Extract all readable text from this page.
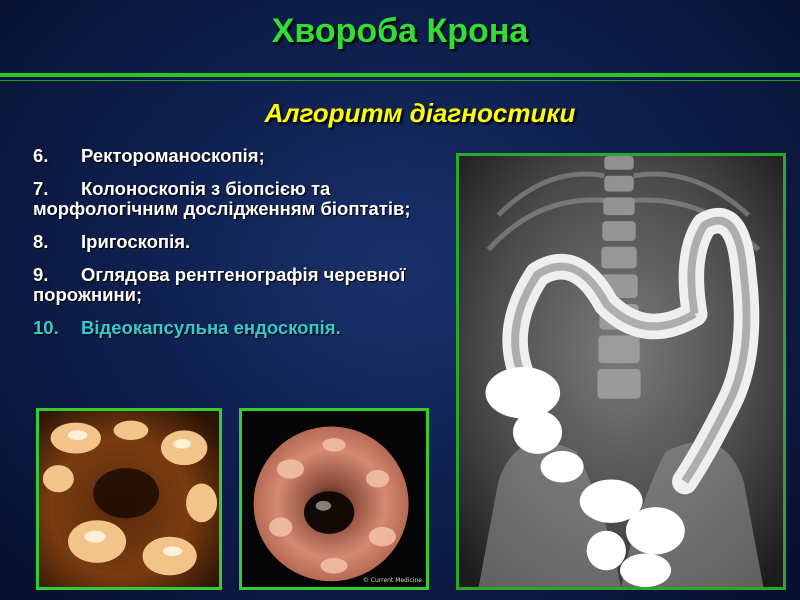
Хвороба Крона
Алгоритм діагностики
6. Ректороманоскопія;
7. Колоноскопія з біопсією та морфологічним дослідженням біоптатів;
8. Іригоскопія.
9. Оглядова рентгенографія черевної порожнини;
10. Відеокапсульна ендоскопія.
© Current Medicine
